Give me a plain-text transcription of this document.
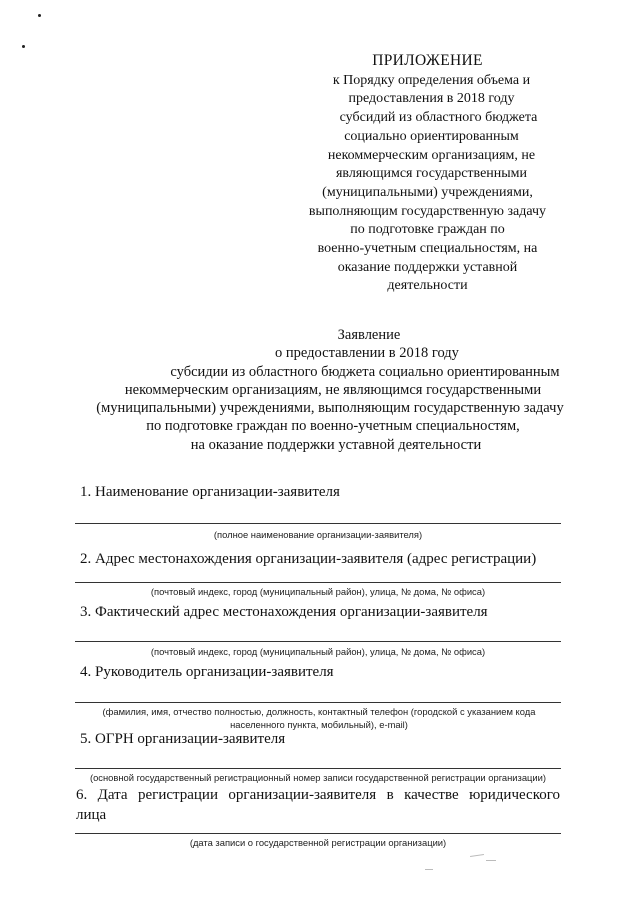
ПРИЛОЖЕНИЕ
к Порядку определения объема и
предоставления в 2018 году
субсидий из областного бюджета
социально ориентированным
некоммерческим организациям, не
являющимся государственными
(муниципальными) учреждениями,
выполняющим государственную задачу
по подготовке граждан по
военно-учетным специальностям, на
оказание поддержки уставной
деятельности
Заявление
о предоставлении в 2018 году
субсидии из областного бюджета социально ориентированным
некоммерческим организациям, не являющимся государственными
(муниципальными) учреждениями, выполняющим государственную задачу
по подготовке граждан по военно-учетным специальностям,
на оказание поддержки уставной деятельности
1. Наименование организации-заявителя
(полное наименование организации-заявителя)
2. Адрес местонахождения организации-заявителя (адрес регистрации)
(почтовый индекс, город (муниципальный район), улица, № дома, № офиса)
3. Фактический адрес местонахождения организации-заявителя
(почтовый индекс, город (муниципальный район), улица, № дома, № офиса)
4. Руководитель организации-заявителя
(фамилия, имя, отчество полностью, должность, контактный телефон (городской с указанием кода населенного пункта, мобильный), e-mail)
5. ОГРН организации-заявителя
(основной государственный регистрационный номер записи государственной регистрации организации)
6. Дата регистрации организации-заявителя в качестве юридического
лица
(дата записи о государственной регистрации организации)
